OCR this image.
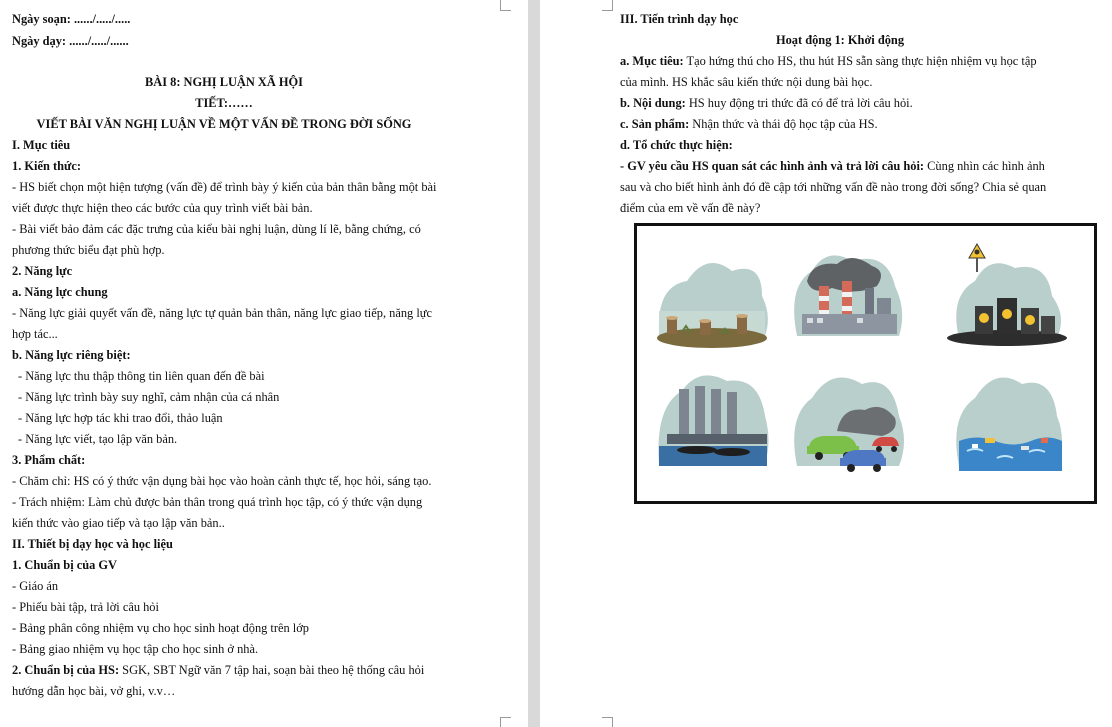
Ngày soạn: ....../...../.....
Ngày dạy: ....../...../......
BÀI 8: NGHỊ LUẬN XÃ HỘI
TIẾT:……
VIẾT BÀI VĂN NGHỊ LUẬN VỀ MỘT VẤN ĐỀ TRONG ĐỜI SỐNG
I. Mục tiêu
1. Kiến thức:
- HS biết chọn một hiện tượng (vấn đề) để trình bày ý kiến của bản thân bằng một bài
viết được thực hiện theo các bước của quy trình viết bài bản.
- Bài viết bảo đảm các đặc trưng của kiểu bài nghị luận, dùng lí lẽ, bằng chứng, có
phương thức biểu đạt phù hợp.
2. Năng lực
a. Năng lực chung
- Năng lực giải quyết vấn đề, năng lực tự quản bản thân, năng lực giao tiếp, năng lực
hợp tác...
b. Năng lực riêng biệt:
- Năng lực thu thập thông tin liên quan đến đề bài
- Năng lực trình bày suy nghĩ, cảm nhận của cá nhân
- Năng lực hợp tác khi trao đổi, thảo luận
- Năng lực viết, tạo lập văn bản.
3. Phẩm chất:
- Chăm chỉ: HS có ý thức vận dụng bài học vào hoàn cảnh thực tế, học hỏi, sáng tạo.
- Trách nhiệm: Làm chủ được bản thân trong quá trình học tập, có ý thức vận dụng
kiến thức vào giao tiếp và tạo lập văn bản..
II. Thiết bị dạy học và học liệu
1. Chuẩn bị của GV
- Giáo án
- Phiếu bài tập, trả lời câu hỏi
- Bảng phân công nhiệm vụ cho học sinh hoạt động trên lớp
- Bảng giao nhiệm vụ học tập cho học sinh ở nhà.
2. Chuẩn bị của HS: SGK, SBT Ngữ văn 7 tập hai, soạn bài theo hệ thống câu hỏi
hướng dẫn học bài, vở ghi, v.v…
III. Tiến trình dạy học
Hoạt động 1: Khởi động
a. Mục tiêu: Tạo hứng thú cho HS, thu hút HS sẵn sàng thực hiện nhiệm vụ học tập
của mình. HS khắc sâu kiến thức nội dung bài học.
b. Nội dung: HS huy động tri thức đã có để trả lời câu hỏi.
c. Sản phẩm: Nhận thức và thái độ học tập của HS.
d. Tổ chức thực hiện:
- GV yêu cầu HS quan sát các hình ảnh và trả lời câu hỏi: Cùng nhìn các hình ảnh
sau và cho biết hình ảnh đó đề cập tới những vấn đề nào trong đời sống? Chia sẻ quan
điểm của em về vấn đề này?
